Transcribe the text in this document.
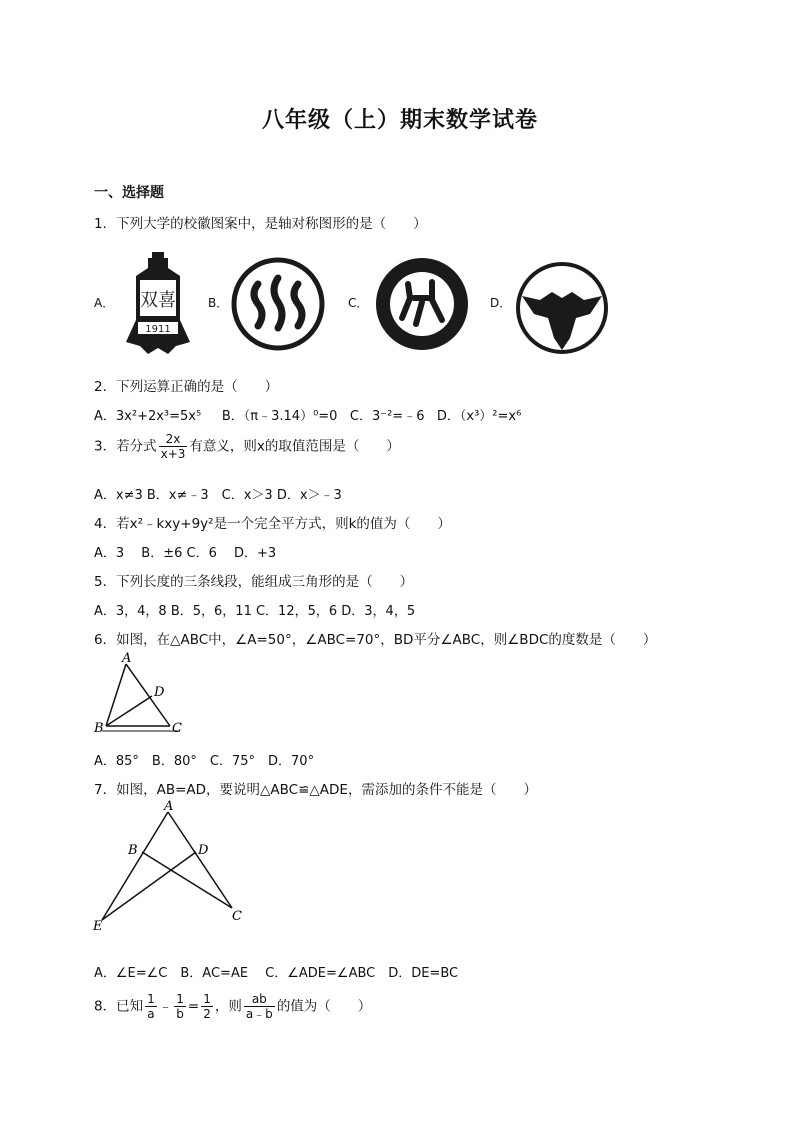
八年级（上）期末数学试卷
一、选择题
1．下列大学的校徽图案中，是轴对称图形的是（　　）
A． 双喜
1911
B．	C．	D．
2．下列运算正确的是（　　）
A．3x²+2x³=5x⁵ B．（π﹣3.14）⁰=0 C．3⁻²=﹣6 D．（x³）²=x⁶
3．若分式 $\frac{2x}{x+3}$ 有意义，则x的取值范围是（　　）
A．x≠3 B．x≠﹣3　C．x＞3 D．x＞﹣3
4．若x²﹣kxy+9y²是一个完全平方式，则k的值为（　　）
A．3　 B．±6 C．6 　D．+3
5．下列长度的三条线段，能组成三角形的是（　　）
A．3，4，8 B．5，6，11 C．12，5，6 D．3，4，5
6．如图，在△ABC中，∠A=50°，∠ABC=70°，BD平分∠ABC，则∠BDC的度数是（　　）
A
D
B	C
A．85°　B．80°　C．75°　D．70°
7．如图，AB=AD，要说明△ABC≌△ADE，需添加的条件不能是（　　）
A
B	D
E
C
A．∠E=∠C　B．AC=AE　 C．∠ADE=∠ABC　D．DE=BC
8．已知 $\frac{1}{a}$ ﹣ $\frac{1}{b} = \frac{1}{2}$ ，则 $\frac{ab}{a﹣b}$ 的值为（　　）
